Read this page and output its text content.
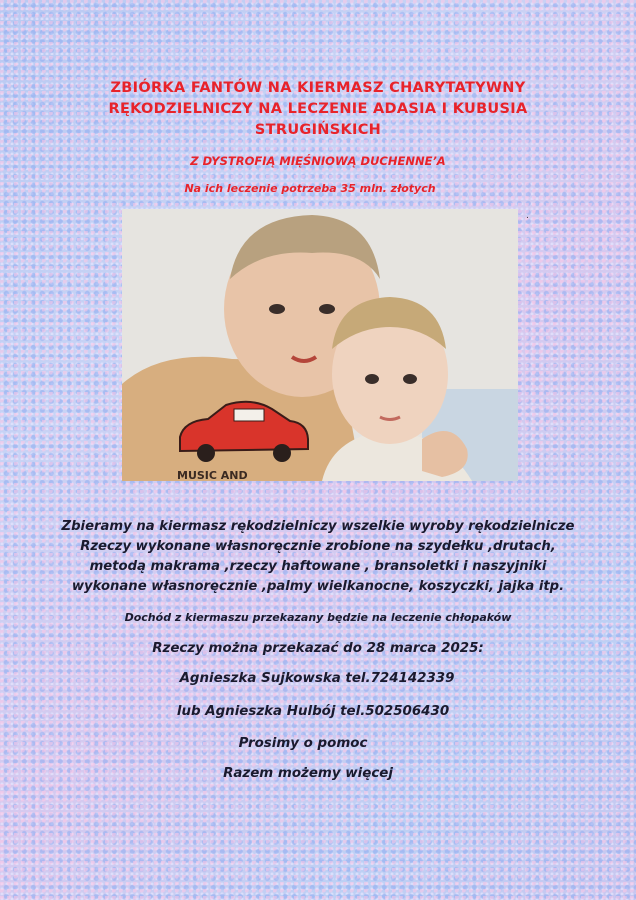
ZBIÓRKA FANTÓW NA KIERMASZ CHARYTATYWNY
RĘKODZIELNICZY NA LECZENIE ADASIA I KUBUSIA
STRUGIŃSKICH
Z DYSTROFIĄ MIĘŚNIOWĄ DUCHENNE’A
Na ich leczenie potrzeba 35 mln. złotych
.
MUSIC AND
Zbieramy na kiermasz rękodzielniczy wszelkie wyroby rękodzielnicze
Rzeczy wykonane własnoręcznie zrobione na szydełku ,drutach,
metodą makrama ,rzeczy haftowane , bransoletki i naszyjniki
wykonane własnoręcznie ,palmy wielkanocne, koszyczki, jajka itp.
Dochód z kiermaszu przekazany będzie na leczenie chłopaków
Rzeczy można przekazać do 28 marca 2025:
Agnieszka Sujkowska tel.724142339
lub Agnieszka Hulbój tel.502506430
Prosimy o pomoc
Razem możemy więcej
